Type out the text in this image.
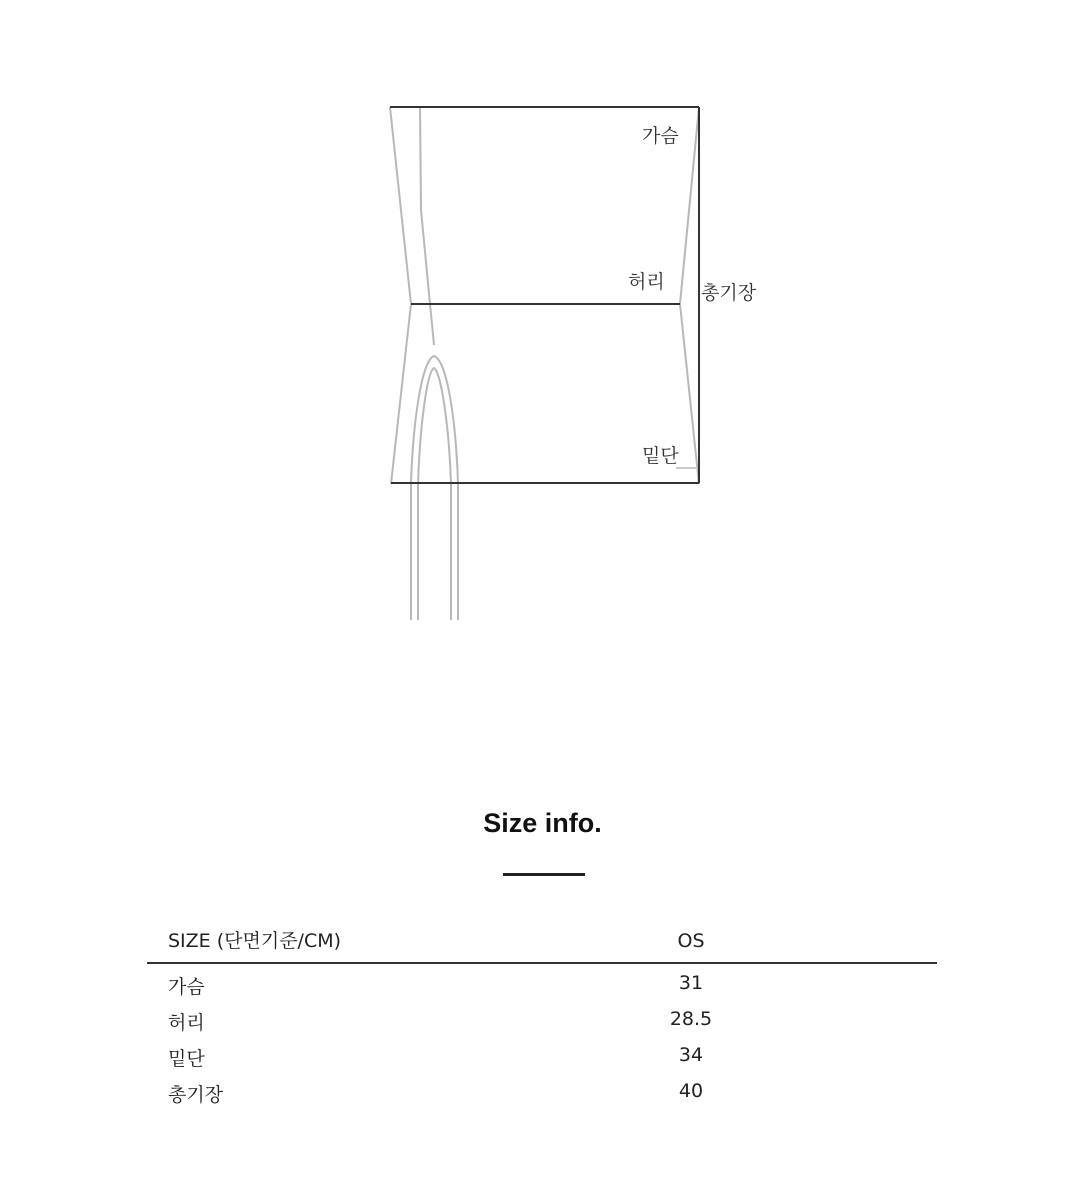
가슴
허리 총기장
밑단
Size info.
SIZE (단면기준/CM)	OS
가슴	31
허리	28.5
밑단	34
총기장	40
